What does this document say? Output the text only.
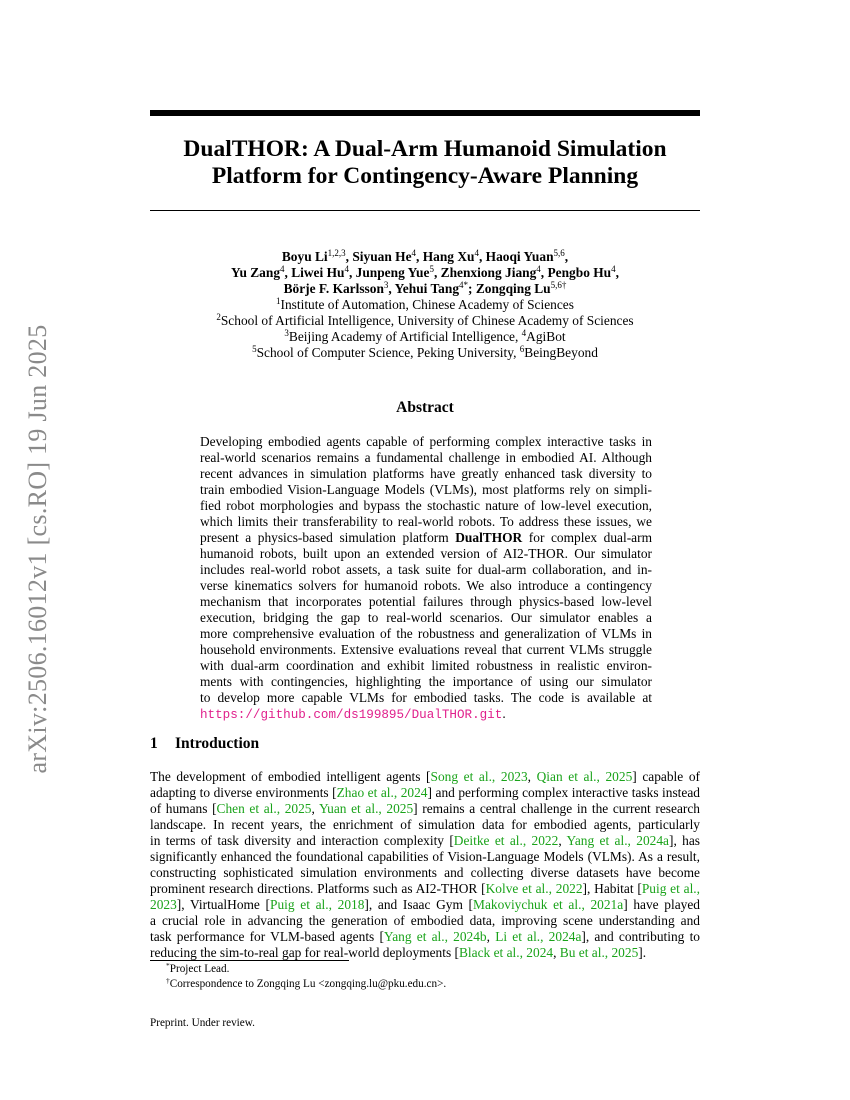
arXiv:2506.16012v1 [cs.RO] 19 Jun 2025
DualTHOR: A Dual-Arm Humanoid Simulation
Platform for Contingency-Aware Planning
Boyu Li$^{1,2,3}$, Siyuan He$^4$, Hang Xu$^4$, Haoqi Yuan$^{5,6}$,
Yu Zang$^4$, Liwei Hu$^4$, Junpeng Yue$^5$, Zhenxiong Jiang$^4$, Pengbo Hu$^4$,
Börje F. Karlsson$^3$, Yehui Tang$^{4*}$; Zongqing $Lu^{5,6\dagger}$
$^1$Institute of Automation, Chinese Academy of Sciences
$^2$School of Artificial Intelligence, University of Chinese Academy of Sciences
$^3$Beijing Academy of Artificial Intelligence, $^4$AgiBot
$^5$School of Computer Science, Peking University, $^6$BeingBeyond
Abstract
Developing embodied agents capable of performing complex interactive tasks in
real-world scenarios remains a fundamental challenge in embodied AI. Although
recent advances in simulation platforms have greatly enhanced task diversity to
train embodied Vision-Language Models (VLMs), most platforms rely on simpli-
fied robot morphologies and bypass the stochastic nature of low-level execution,
which limits their transferability to real-world robots. To address these issues, we
present a physics-based simulation platform DualTHOR for complex dual-arm
humanoid robots, built upon an extended version of AI2-THOR. Our simulator
includes real-world robot assets, a task suite for dual-arm collaboration, and in-
verse kinematics solvers for humanoid robots. We also introduce a contingency
mechanism that incorporates potential failures through physics-based low-level
execution, bridging the gap to real-world scenarios. Our simulator enables a
more comprehensive evaluation of the robustness and generalization of VLMs in
household environments. Extensive evaluations reveal that current VLMs struggle
with dual-arm coordination and exhibit limited robustness in realistic environ-
ments with contingencies, highlighting the importance of using our simulator
to develop more capable VLMs for embodied tasks. The code is available at
https://github.com/ds199895/DualTHOR.git.
1 Introduction
The development of embodied intelligent agents [Song et al., 2023, Qian et al., 2025] capable of
adapting to diverse environments [Zhao et al., 2024] and performing complex interactive tasks instead
of humans [Chen et al., 2025, Yuan et al., 2025] remains a central challenge in the current research
landscape. In recent years, the enrichment of simulation data for embodied agents, particularly
in terms of task diversity and interaction complexity [Deitke et al., 2022, Yang et al., 2024a], has
significantly enhanced the foundational capabilities of Vision-Language Models (VLMs). As a result,
constructing sophisticated simulation environments and collecting diverse datasets have become
prominent research directions. Platforms such as AI2-THOR [Kolve et al., 2022], Habitat [Puig et al.,
2023], VirtualHome [Puig et al., 2018], and Isaac Gym [Makoviychuk et al., 2021a] have played
a crucial role in advancing the generation of embodied data, improving scene understanding and
task performance for VLM-based agents [Yang et al., 2024b, Li et al., 2024a], and contributing to
reducing the sim-to-real gap for real-world deployments [Black et al., 2024, Bu et al., 2025].
*Project Lead.
†Correspondence to Zongqing Lu <zongqing.lu@pku.edu.cn>.
Preprint. Under review.
